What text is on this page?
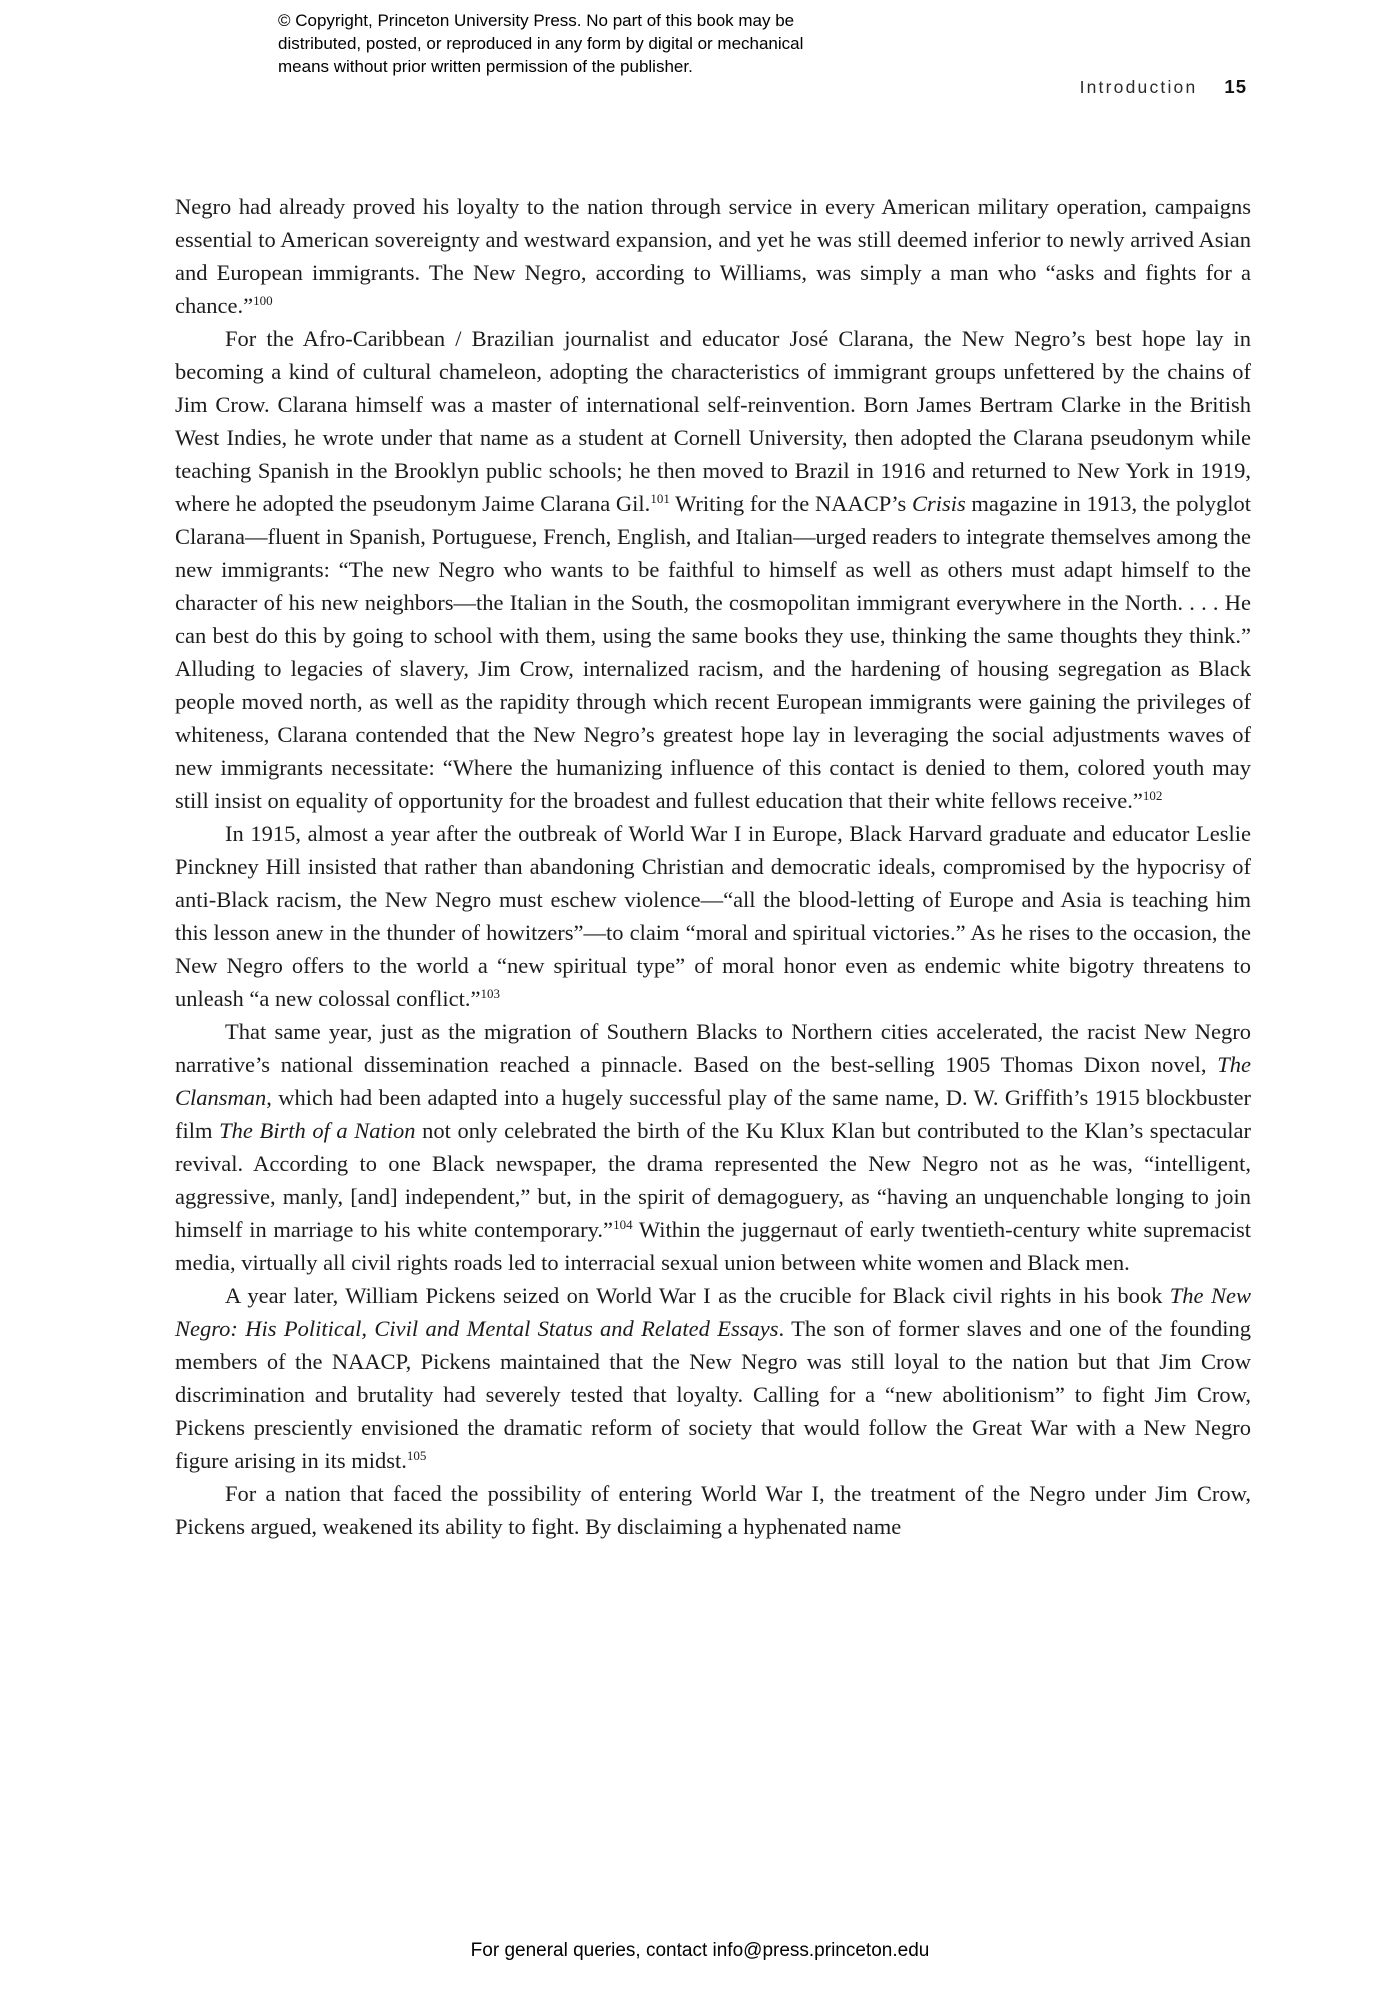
© Copyright, Princeton University Press. No part of this book may be
distributed, posted, or reproduced in any form by digital or mechanical
means without prior written permission of the publisher.
Introduction 15

Negro had already proved his loyalty to the nation through service in every American military operation, campaigns essential to American sovereignty and westward expansion, and yet he was still deemed inferior to newly arrived Asian and European immigrants. The New Negro, according to Williams, was simply a man who “asks and fights for a chance.”$^{100}$

For the Afro-Caribbean / Brazilian journalist and educator José Clarana, the New Negro’s best hope lay in becoming a kind of cultural chameleon, adopting the characteristics of immigrant groups unfettered by the chains of Jim Crow. Clarana himself was a master of international self-reinvention. Born James Bertram Clarke in the British West Indies, he wrote under that name as a student at Cornell University, then adopted the Clarana pseudonym while teaching Spanish in the Brooklyn public schools; he then moved to Brazil in 1916 and returned to New York in 1919, where he adopted the pseudonym Jaime Clarana Gil.$^{101}$ Writing for the NAACP’s Crisis magazine in 1913, the polyglot Clarana—fluent in Spanish, Portuguese, French, English, and Italian—urged readers to integrate themselves among the new immigrants: “The new Negro who wants to be faithful to himself as well as others must adapt himself to the character of his new neighbors—the Italian in the South, the cosmopolitan immigrant everywhere in the North. . . . He can best do this by going to school with them, using the same books they use, thinking the same thoughts they think.” Alluding to legacies of slavery, Jim Crow, internalized racism, and the hardening of housing segregation as Black people moved north, as well as the rapidity through which recent European immigrants were gaining the privileges of whiteness, Clarana contended that the New Negro’s greatest hope lay in leveraging the social adjustments waves of new immigrants necessitate: “Where the humanizing influence of this contact is denied to them, colored youth may still insist on equality of opportunity for the broadest and fullest education that their white fellows receive.”$^{102}$

In 1915, almost a year after the outbreak of World War I in Europe, Black Harvard graduate and educator Leslie Pinckney Hill insisted that rather than abandoning Christian and democratic ideals, compromised by the hypocrisy of anti-Black racism, the New Negro must eschew violence—“all the blood-letting of Europe and Asia is teaching him this lesson anew in the thunder of howitzers”—to claim “moral and spiritual victories.” As he rises to the occasion, the New Negro offers to the world a “new spiritual type” of moral honor even as endemic white bigotry threatens to unleash “a new colossal conflict.”$^{103}$

That same year, just as the migration of Southern Blacks to Northern cities accelerated, the racist New Negro narrative’s national dissemination reached a pinnacle. Based on the best-selling 1905 Thomas Dixon novel, The Clansman, which had been adapted into a hugely successful play of the same name, D. W. Griffith’s 1915 blockbuster film The Birth of a Nation not only celebrated the birth of the Ku Klux Klan but contributed to the Klan’s spectacular revival. According to one Black newspaper, the drama represented the New Negro not as he was, “intelligent, aggressive, manly, [and] independent,” but, in the spirit of demagoguery, as “having an unquenchable longing to join himself in marriage to his white contemporary.”$^{104}$ Within the juggernaut of early twentieth-century white supremacist media, virtually all civil rights roads led to interracial sexual union between white women and Black men.

A year later, William Pickens seized on World War I as the crucible for Black civil rights in his book The New Negro: His Political, Civil and Mental Status and Related Essays. The son of former slaves and one of the founding members of the NAACP, Pickens maintained that the New Negro was still loyal to the nation but that Jim Crow discrimination and brutality had severely tested that loyalty. Calling for a “new abolitionism” to fight Jim Crow, Pickens presciently envisioned the dramatic reform of society that would follow the Great War with a New Negro figure arising in its midst.$^{105}$

For a nation that faced the possibility of entering World War I, the treatment of the Negro under Jim Crow, Pickens argued, weakened its ability to fight. By disclaiming a hyphenated name

For general queries, contact info@press.princeton.edu
